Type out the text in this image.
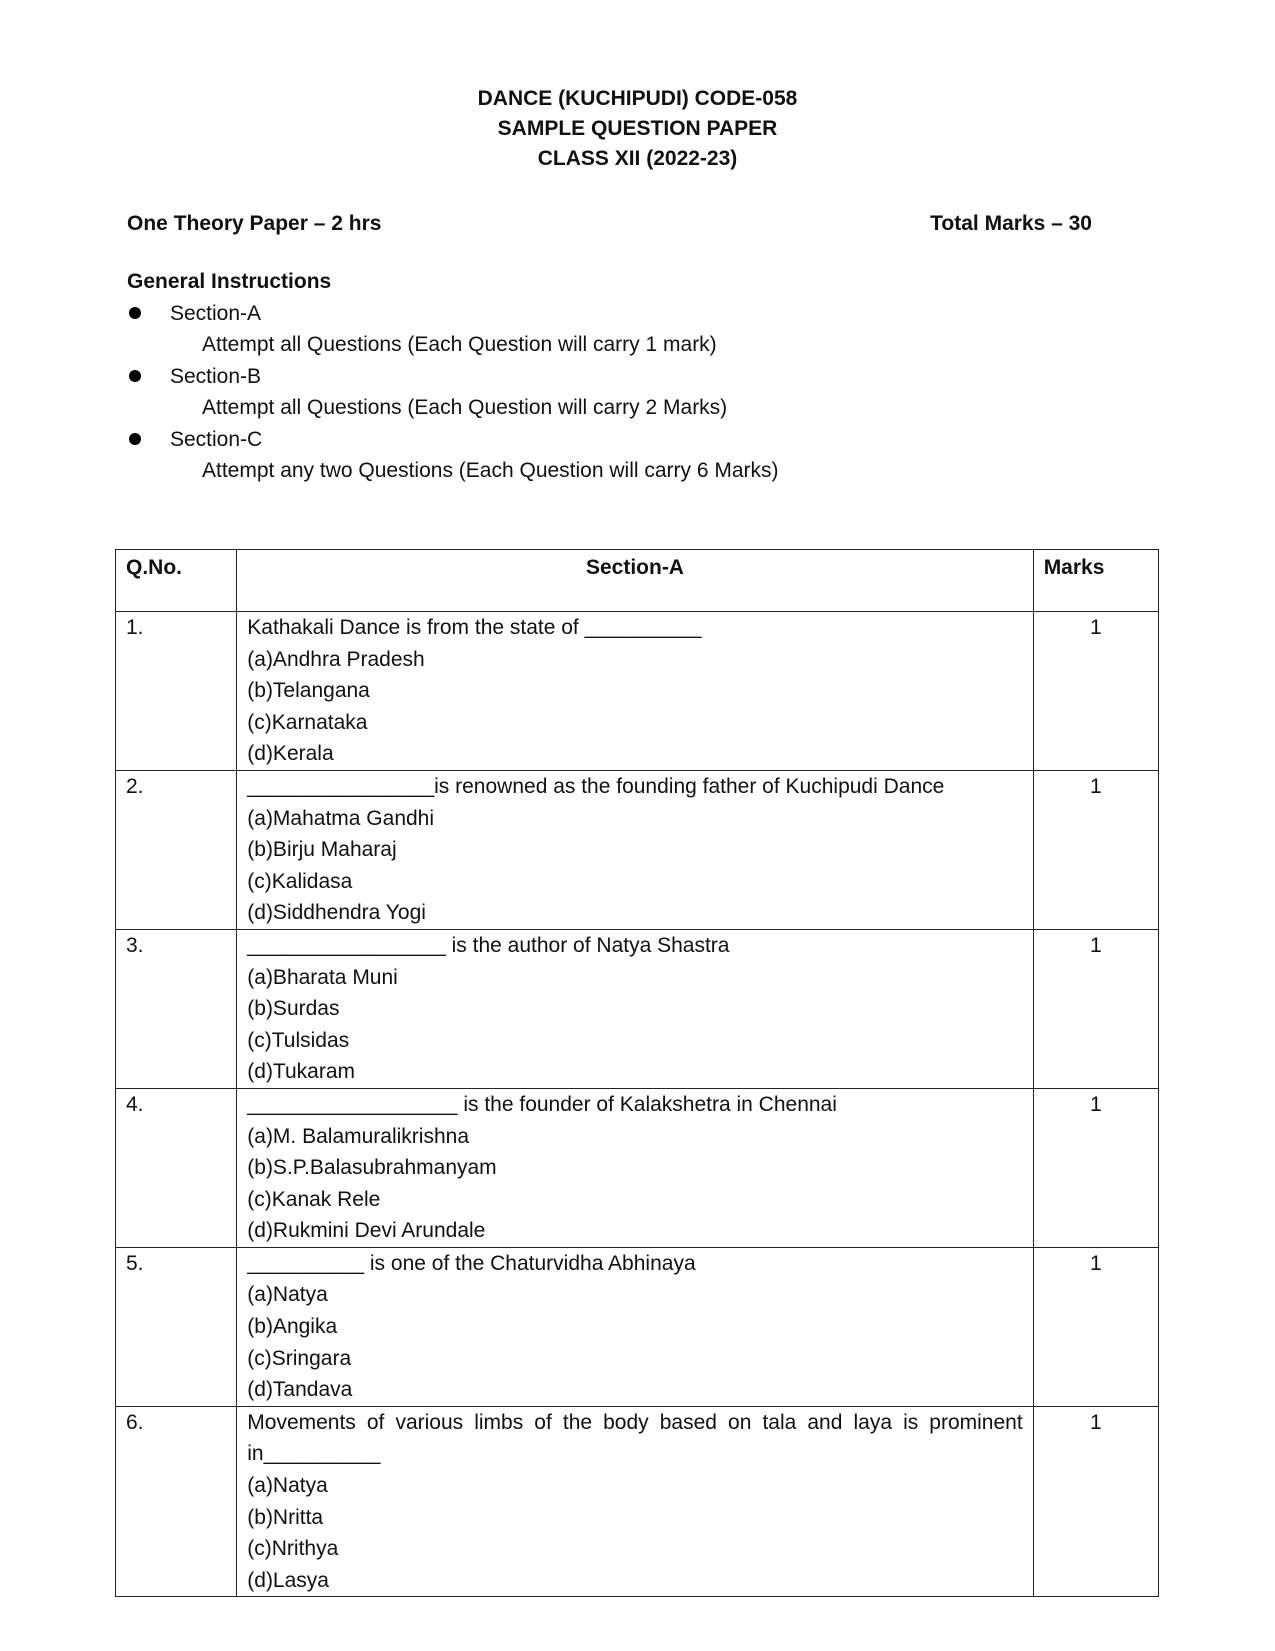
DANCE (KUCHIPUDI) CODE-058
SAMPLE QUESTION PAPER
CLASS XII (2022-23)
One Theory Paper – 2 hrs	Total Marks – 30
General Instructions
Section-A
Attempt all Questions (Each Question will carry 1 mark)
Section-B
Attempt all Questions (Each Question will carry 2 Marks)
Section-C
Attempt any two Questions (Each Question will carry 6 Marks)
Q.No.	Section-A	Marks
1.	Kathakali Dance is from the state of __________
(a)Andhra Pradesh
(b)Telangana
(c)Karnataka
(d)Kerala	1
2.	________________is renowned as the founding father of Kuchipudi Dance
(a)Mahatma Gandhi
(b)Birju Maharaj
(c)Kalidasa
(d)Siddhendra Yogi	1
3.	_________________ is the author of Natya Shastra
(a)Bharata Muni
(b)Surdas
(c)Tulsidas
(d)Tukaram	1
4.	__________________ is the founder of Kalakshetra in Chennai
(a)M. Balamuralikrishna
(b)S.P.Balasubrahmanyam
(c)Kanak Rele
(d)Rukmini Devi Arundale	1
5.	__________ is one of the Chaturvidha Abhinaya
(a)Natya
(b)Angika
(c)Sringara
(d)Tandava	1
6.	Movements of various limbs of the body based on tala and laya is prominent in__________
(a)Natya
(b)Nritta
(c)Nrithya
(d)Lasya	1
